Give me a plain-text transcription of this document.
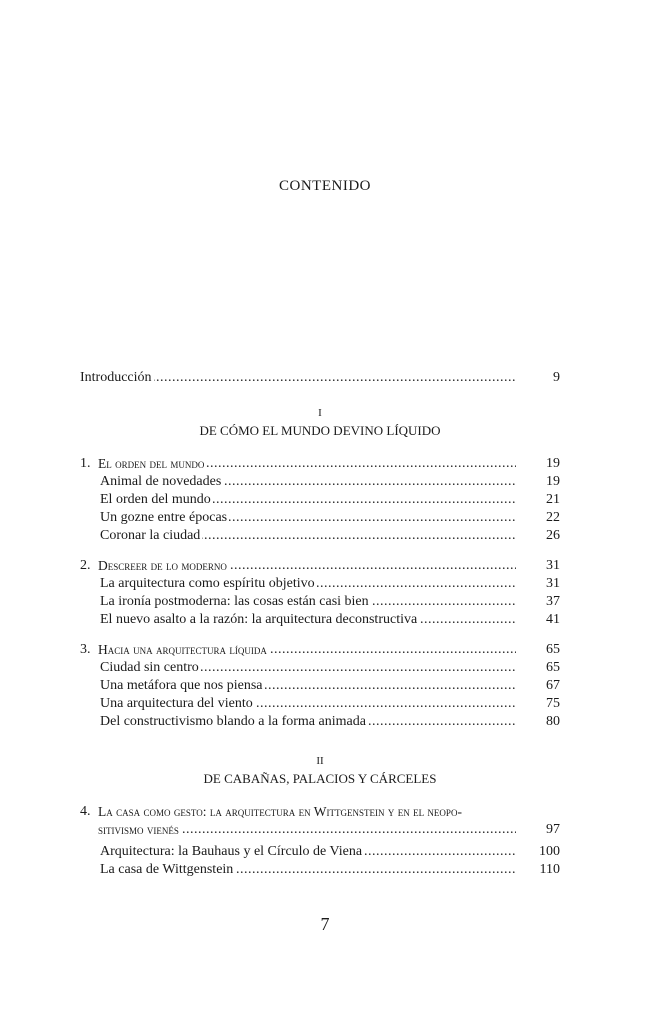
CONTENIDO
Introducción . . .	9
I
DE CÓMO EL MUNDO DEVINO LÍQUIDO
1. El orden del mundo . . .	19
Animal de novedades . . .	19
El orden del mundo . . .	21
Un gozne entre épocas . . .	22
Coronar la ciudad . . .	26
2. Descreer de lo moderno . . .	31
La arquitectura como espíritu objetivo . . .	31
La ironía postmoderna: las cosas están casi bien . . .	37
El nuevo asalto a la razón: la arquitectura deconstructiva . . .	41
3. Hacia una arquitectura líquida . . .	65
Ciudad sin centro . . .	65
Una metáfora que nos piensa . . .	67
Una arquitectura del viento . . .	75
Del constructivismo blando a la forma animada . . .	80
II
DE CABAÑAS, PALACIOS Y CÁRCELES
4. La casa como gesto: la arquitectura en Wittgenstein y en el neopo-
sitivismo vienés . . .	97
Arquitectura: la Bauhaus y el Círculo de Viena . . .	100
La casa de Wittgenstein . . .	110
7
